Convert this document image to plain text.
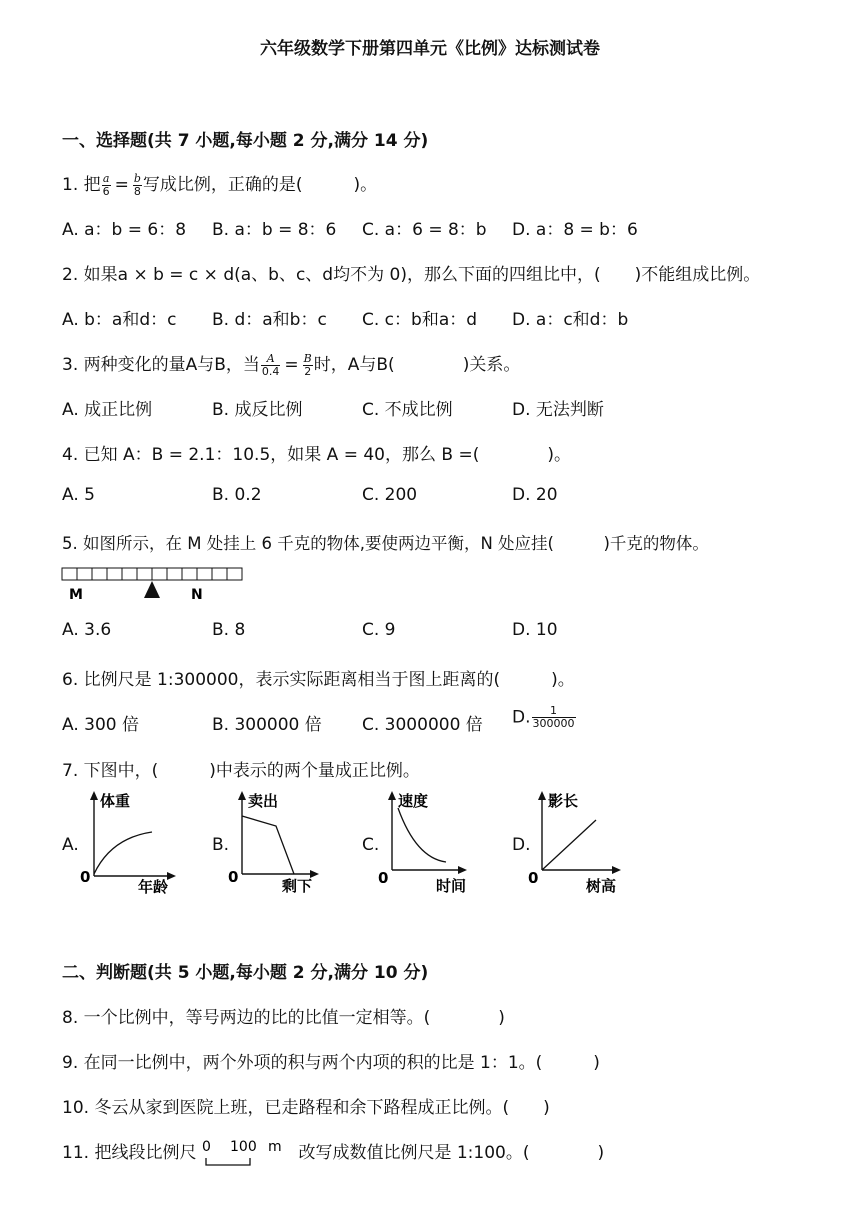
六年级数学下册第四单元《比例》达标测试卷
一、选择题(共 7 小题,每小题 2 分,满分 14 分)
1. 把 $\frac{a}{6} = \frac{b}{8}$ 写成比例，正确的是(　　　)。
A. a：b = 6：8 B. a：b = 8：6 C. a：6 = 8：b D. a：8 = b：6
2. 如果a × b = c × d(a、b、c、d均不为 0)，那么下面的四组比中，(　　)不能组成比例。
A. b：a和d：c B. d：a和b：c C. c：b和a：d D. a：c和d：b
3. 两种变化的量A与B，当 $\frac{A}{0.4} = \frac{B}{2}$ 时，A与B(　　　　)关系。
A. 成正比例	B. 成反比例	C. 不成比例	D. 无法判断
4. 已知 A：B = 2.1：10.5，如果 A = 40，那么 B =(　　　　)。
A. 5	B. 0.2	C. 200	D. 20
5. 如图所示，在 M 处挂上 6 千克的物体,要使两边平衡，N 处应挂(　　　)千克的物体。
M	N
A. 3.6	B. 8	C. 9	D. 10
6. 比例尺是 1:300000，表示实际距离相当于图上距离的(　　　)。
A. 300 倍	B. 300000 倍 C. 3000000 倍 D. $\frac{1}{300000}$
7. 下图中，(　　　)中表示的两个量成正比例。
A.
体重
0
年龄
B.
卖出
0	剩下
C.
速度
0	时间
D.
影长
0	树高
二、判断题(共 5 小题,每小题 2 分,满分 10 分)
8. 一个比例中，等号两边的比的比值一定相等。(　　　　)
9. 在同一比例中，两个外项的积与两个内项的积的比是 1：1。(　　　)
10. 冬云从家到医院上班，已走路程和余下路程成正比例。(　　)
11. 把线段比例尺 0 100 m 改写成数值比例尺是 1:100。(　　　　)
